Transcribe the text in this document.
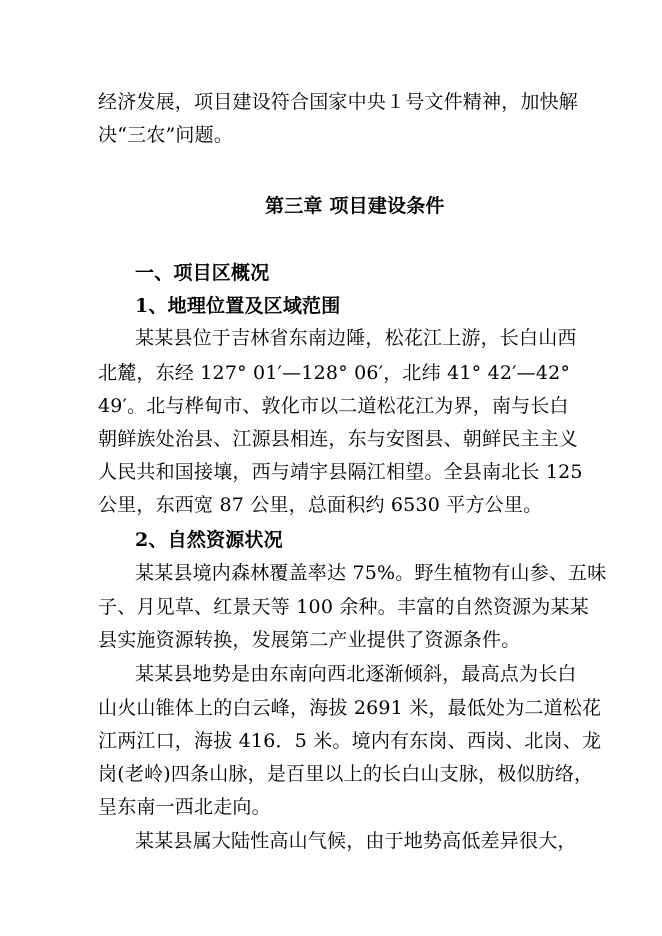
经济发展，项目建设符合国家中央１号文件精神，加快解
决“三农”问题。
第三章 项目建设条件
一、项目区概况
1、地理位置及区域范围
某某县位于吉林省东南边陲，松花江上游，长白山西
北麓，东经 127° 01′—128° 06′，北纬 41° 42′—42°
49′。北与桦甸市、敦化市以二道松花江为界，南与长白
朝鲜族处治县、江源县相连，东与安图县、朝鲜民主主义
人民共和国接壤，西与靖宇县隔江相望。全县南北长 125
公里，东西宽 87 公里，总面积约 6530 平方公里。
2、自然资源状况
某某县境内森林覆盖率达 75%。野生植物有山参、五味
子、月见草、红景天等 100 余种。丰富的自然资源为某某
县实施资源转换，发展第二产业提供了资源条件。
某某县地势是由东南向西北逐渐倾斜，最高点为长白
山火山锥体上的白云峰，海拔 2691 米，最低处为二道松花
江两江口，海拔 416．5 米。境内有东岗、西岗、北岗、龙
岗(老岭)四条山脉，是百里以上的长白山支脉，极似肪络，
呈东南一西北走向。
某某县属大陆性高山气候，由于地势高低差异很大，
